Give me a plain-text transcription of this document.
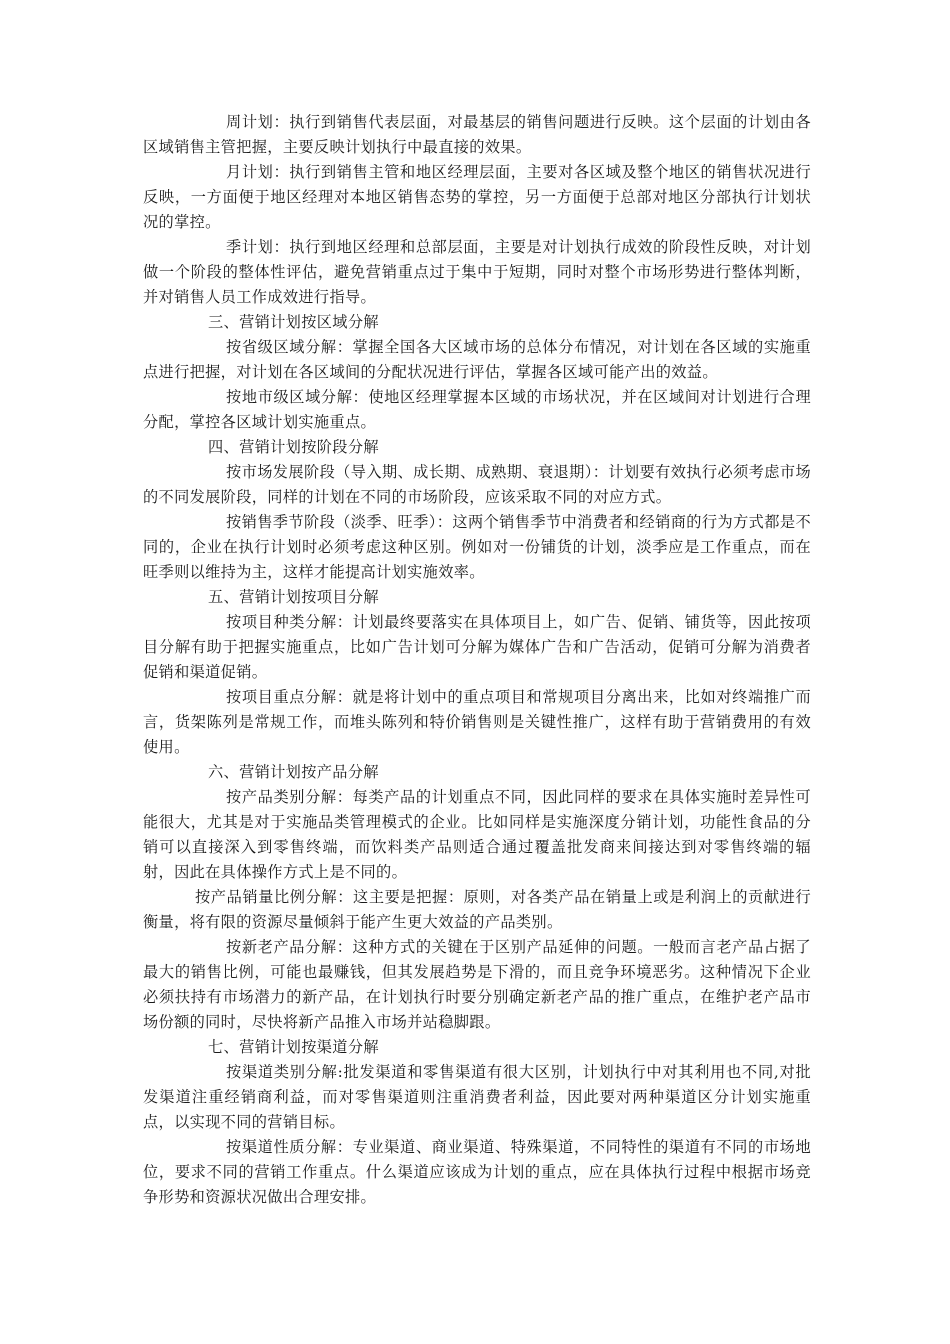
周计划：执行到销售代表层面，对最基层的销售问题进行反映。这个层面的计划由各区域销售主管把握，主要反映计划执行中最直接的效果。

月计划：执行到销售主管和地区经理层面，主要对各区域及整个地区的销售状况进行反映，一方面便于地区经理对本地区销售态势的掌控，另一方面便于总部对地区分部执行计划状况的掌控。

季计划：执行到地区经理和总部层面，主要是对计划执行成效的阶段性反映，对计划做一个阶段的整体性评估，避免营销重点过于集中于短期，同时对整个市场形势进行整体判断，并对销售人员工作成效进行指导。

三、营销计划按区域分解

按省级区域分解：掌握全国各大区域市场的总体分布情况，对计划在各区域的实施重点进行把握，对计划在各区域间的分配状况进行评估，掌握各区域可能产出的效益。

按地市级区域分解：使地区经理掌握本区域的市场状况，并在区域间对计划进行合理分配，掌控各区域计划实施重点。

四、营销计划按阶段分解

按市场发展阶段（导入期、成长期、成熟期、衰退期）：计划要有效执行必须考虑市场的不同发展阶段，同样的计划在不同的市场阶段，应该采取不同的对应方式。

按销售季节阶段（淡季、旺季）：这两个销售季节中消费者和经销商的行为方式都是不同的，企业在执行计划时必须考虑这种区别。例如对一份铺货的计划，淡季应是工作重点，而在旺季则以维持为主，这样才能提高计划实施效率。

五、营销计划按项目分解

按项目种类分解：计划最终要落实在具体项目上，如广告、促销、铺货等，因此按项目分解有助于把握实施重点，比如广告计划可分解为媒体广告和广告活动，促销可分解为消费者促销和渠道促销。

按项目重点分解：就是将计划中的重点项目和常规项目分离出来，比如对终端推广而言，货架陈列是常规工作，而堆头陈列和特价销售则是关键性推广，这样有助于营销费用的有效使用。

六、营销计划按产品分解

按产品类别分解：每类产品的计划重点不同，因此同样的要求在具体实施时差异性可能很大，尤其是对于实施品类管理模式的企业。比如同样是实施深度分销计划，功能性食品的分销可以直接深入到零售终端，而饮料类产品则适合通过覆盖批发商来间接达到对零售终端的辐射，因此在具体操作方式上是不同的。

按产品销量比例分解：这主要是把握：原则，对各类产品在销量上或是利润上的贡献进行衡量，将有限的资源尽量倾斜于能产生更大效益的产品类别。

按新老产品分解：这种方式的关键在于区别产品延伸的问题。一般而言老产品占据了最大的销售比例，可能也最赚钱，但其发展趋势是下滑的，而且竞争环境恶劣。这种情况下企业必须扶持有市场潜力的新产品，在计划执行时要分别确定新老产品的推广重点，在维护老产品市场份额的同时，尽快将新产品推入市场并站稳脚跟。

七、营销计划按渠道分解

按渠道类别分解:批发渠道和零售渠道有很大区别，计划执行中对其利用也不同,对批发渠道注重经销商利益，而对零售渠道则注重消费者利益，因此要对两种渠道区分计划实施重点，以实现不同的营销目标。

按渠道性质分解：专业渠道、商业渠道、特殊渠道，不同特性的渠道有不同的市场地位，要求不同的营销工作重点。什么渠道应该成为计划的重点，应在具体执行过程中根据市场竞争形势和资源状况做出合理安排。
